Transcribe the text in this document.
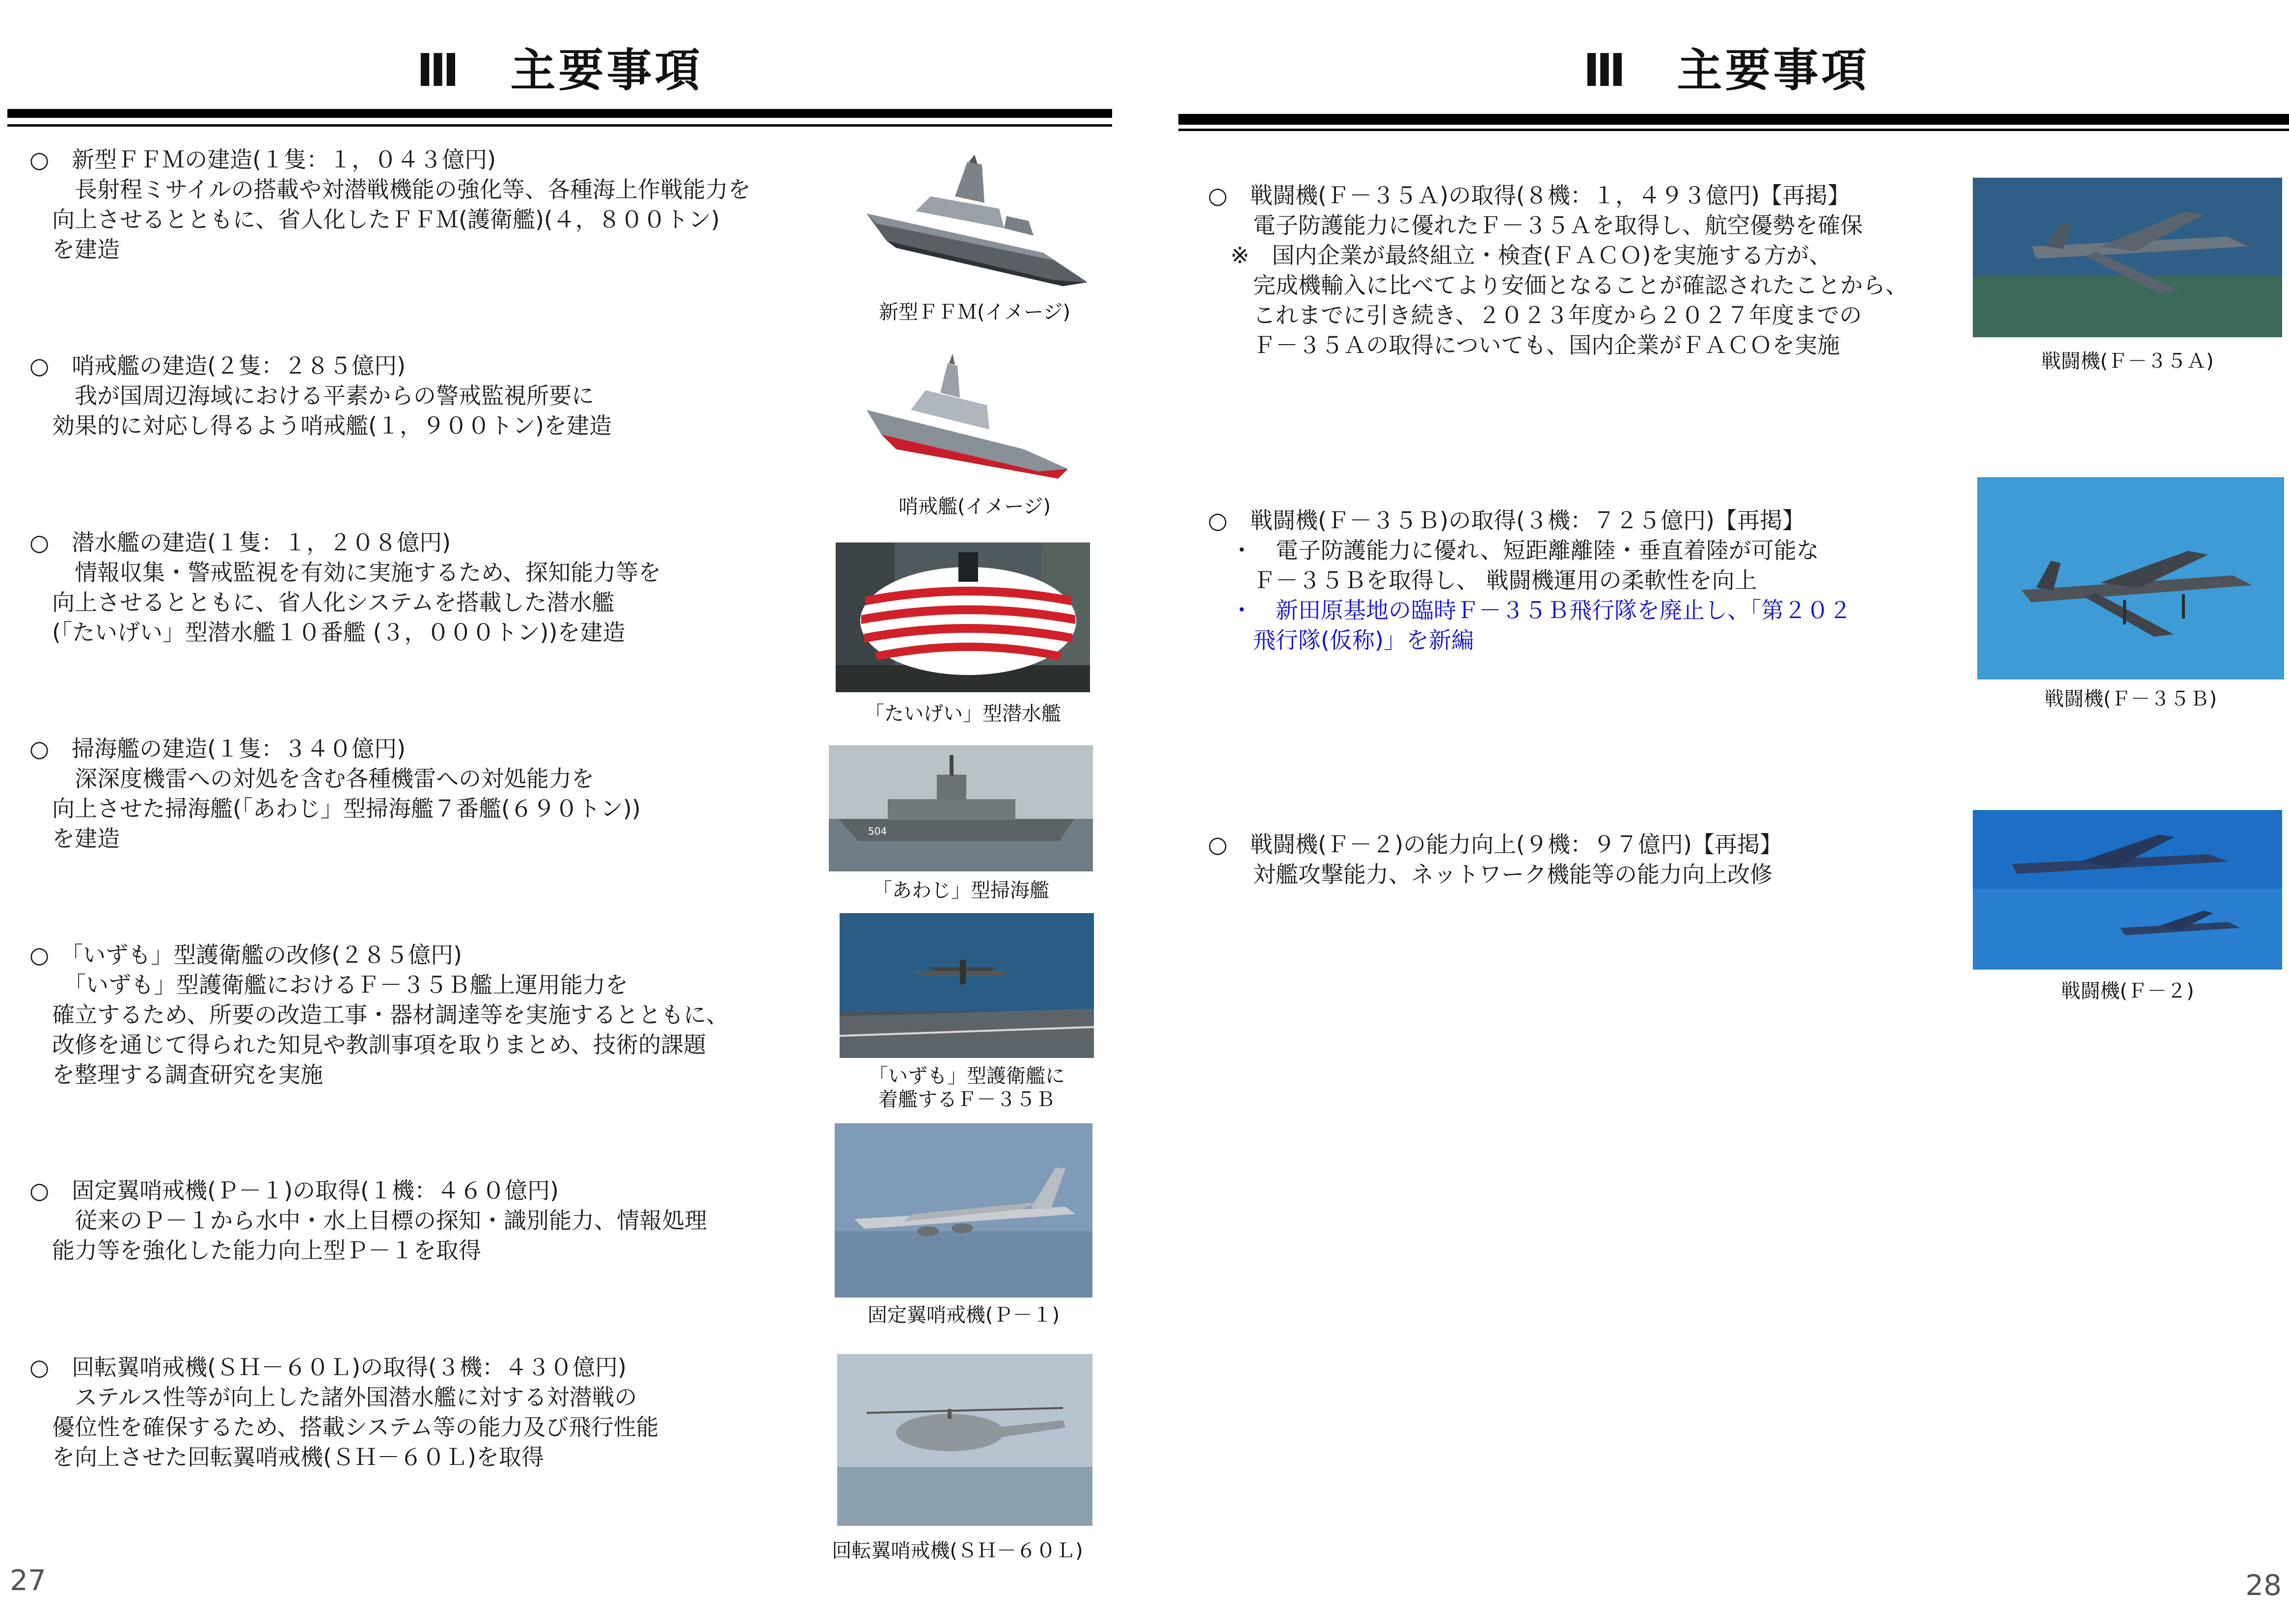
Ⅲ　主要事項
○　新型ＦＦＭの建造(１隻：１，０４３億円)
　　長射程ミサイルの搭載や対潜戦機能の強化等、各種海上作戦能力を
　向上させるとともに、省人化したＦＦＭ(護衛艦)(４，８００トン)
　を建造
新型ＦＦＭ(イメージ)
○　哨戒艦の建造(２隻：２８５億円)
　　我が国周辺海域における平素からの警戒監視所要に
　効果的に対応し得るよう哨戒艦(１，９００トン)を建造
哨戒艦(イメージ)
○　潜水艦の建造(１隻：１，２０８億円)
　　情報収集・警戒監視を有効に実施するため、探知能力等を
　向上させるとともに、省人化システムを搭載した潜水艦
　(「たいげい」型潜水艦１０番艦 (３，０００トン))を建造
「たいげい」型潜水艦
○　掃海艦の建造(１隻：３４０億円)
　　深深度機雷への対処を含む各種機雷への対処能力を
　向上させた掃海艦(「あわじ」型掃海艦７番艦(６９０トン))
　を建造	504
「あわじ」型掃海艦
○　「いずも」型護衛艦の改修(２８５億円)
　　「いずも」型護衛艦におけるＦ－３５Ｂ艦上運用能力を
　確立するため、所要の改造工事・器材調達等を実施するとともに、
　改修を通じて得られた知見や教訓事項を取りまとめ、技術的課題
　を整理する調査研究を実施	「いずも」型護衛艦に
着艦するＦ－３５Ｂ
○　固定翼哨戒機(Ｐ－１)の取得(１機：４６０億円)
　　従来のＰ－１から水中・水上目標の探知・識別能力、情報処理
　能力等を強化した能力向上型Ｐ－１を取得
固定翼哨戒機(Ｐ－１)
○　回転翼哨戒機(ＳＨ－６０Ｌ)の取得(３機：４３０億円)
　　ステルス性等が向上した諸外国潜水艦に対する対潜戦の
　優位性を確保するため、搭載システム等の能力及び飛行性能
　を向上させた回転翼哨戒機(ＳＨ－６０Ｌ)を取得
回転翼哨戒機(ＳＨ－６０Ｌ)
27
Ⅲ　主要事項
○　戦闘機(Ｆ－３５Ａ)の取得(８機：１，４９３億円)【再掲】
　　電子防護能力に優れたＦ－３５Ａを取得し、航空優勢を確保
　※　国内企業が最終組立・検査(ＦＡＣＯ)を実施する方が、
　　完成機輸入に比べてより安価となることが確認されたことから、
　　これまでに引き続き、２０２３年度から２０２７年度までの
　　Ｆ－３５Ａの取得についても、国内企業がＦＡＣＯを実施
戦闘機(Ｆ－３５Ａ)
○　戦闘機(Ｆ－３５Ｂ)の取得(３機：７２５億円)【再掲】
　・　電子防護能力に優れ、短距離離陸・垂直着陸が可能な
　　Ｆ－３５Ｂを取得し、 戦闘機運用の柔軟性を向上
　・　新田原基地の臨時Ｆ－３５Ｂ飛行隊を廃止し、「第２０２
　　飛行隊(仮称)」を新編
戦闘機(Ｆ－３５Ｂ)
○　戦闘機(Ｆ－２)の能力向上(９機：９７億円)【再掲】
　　対艦攻撃能力、ネットワーク機能等の能力向上改修
戦闘機(Ｆ－２)
28
